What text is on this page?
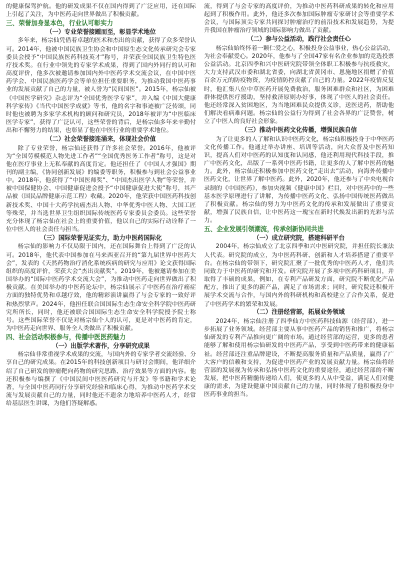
的健康保驾护航。他的研发成果不仅在国内得到了广泛应用，还在国际上引起了关注，为中医药走向世界做出了积极贡献。

三、荣誉加身显本色，行业认可彰实力
（一）专业荣誉接踵而至，彰显学术地位

多年来，杨宗仙凭借着卓越的医术和杰出的贡献，获得了众多荣誉认可。2014年，他被中国民族卫生协会和中国原生态文化传承研究会专家委员会授予“中国民族医药科技英才”称号，并荣获全国民族卫生特色医疗技术奖。在行业中领先的专家学术成果，得到了国内外同行的认可和高度评价，他多次被邀请参加国内外中医药学术交流会议，在中国中医药学会、中国民族医药学会等单位担任重要职务，为推动我国中医药事业的发展贡献了自己的力量，被人誉为“民间国医”。2015年，杨宗仙被《中国医学研究》杂志评为“全国优秀医学专家”，并入编《中国大健康科学家传》《当代中国医学成就》等书，他的名字和事迹被广泛传颂，同时他也被聘为多家学术机构的顾问和研究员，2018年被评为“中医临床医学专家”，获得了广泛认可，这些荣誉的背后，是杨宗仙多年来辛勤付出和不懈努力的结果，也彰显了他在中医行业的重要学术地位。

（二）社会荣誉接连涌来，体现社会价值

除了专业荣誉，杨宗仙还获得了许多社会荣誉。2016年，他被评为“全国劳模模范人物先进工作者”“全国优秀医务工作者”称号，这是对他在医疗事业上无私奉献的高度肯定。他还担任了《中国人才强国》期刊的副主编，《协同创新发展》的编委等职务，积极参与到社会公益事业中。2018年，他获得了“中国医师奖”、“中国杰出医学人物”等荣誉，并被中国保健协会、中国健康促进会授予“中国健康促进大使”称号，其产品被（国民品牌健康示范工程）收藏。2020年，他荣获中国医药科技创新技术奖、中国十大药学抗癌杰出人物、中华优秀中医人物、大国工匠等殊荣，并当选世界卫生组织国际传统医药专家委员会委员。这些荣誉充分体现了杨宗仙在社会上的重要价值，他以自己的实际行动诠释了一位中医人的社会责任与担当。

（三）国际荣誉见证实力，助力中医药国际化

杨宗仙的影响力不仅局限于国内，还在国际舞台上得到了广泛的认可。2018年，他代表中国参加在马来西亚召开的“第九届世界中医药大会”，发表的《天然药物治疗消化系统疾病的研究与应用》论文获得国际组织的高度评价，荣获大会“杰出贡献奖”。2019年，他被邀请参加在美国举办的“国际中医药学术交流大会”，为推动中医药走向世界做出了积极贡献。在美国举办的中医药论坛中，杨宗仙展示了中医药在治疗癌症方面的独特优势和卓越疗效，他的精彩演讲赢得了与会专家的一致好评和热烈掌声。2024年，他担任联合国国际生态生命安全科学院中医药研究所所长，同时，他还被联合国国际生态生命安全科学院授予院士称号。这些国际荣誉不仅是对杨宗仙个人的认可，更是对中医药的肯定，为中医药走向世界、服务全人类做出了积极贡献。

四、社会活动积极参与，传播中医医药魅力
（一）出版学术著作，分享研究成果

杨宗仙非常重视学术成果的交流，与国内外的专家学者交流经验、分享自己的研究成果。在2015年的科技创新项目与研讨会期间，他详细介绍了自己研发的肿瘤靶向药物的研究思路、治疗效果等方面的内容。他还积极参与编撰了《中国民间中医医药研究与开发》等书籍和学术论著，与全国中医药同行分享研究经验和临床心得，为推动中医药学术交流与发展贡献自己的力量，同时他还不遗余力地培养中医药人才，经常给基层医生讲课，为他们答疑解惑。

流，得到了与会专家的高度评价，为推动中医药科研成果的转化和应用起到了积极作用。此外，他还多次参加国际肿瘤专家研讨会等重要学术会议，与国际顶尖专家共同探讨肿瘤治疗的前沿技术和发展趋势，为提升我国在肿瘤治疗领域的国际影响力做出了贡献。

（二）参与公益活动，践行社会责任心

杨宗仙始终怀着一颗仁爱之心，积极投身公益事业，热心公益活动，为社会奉献爱心。2020年，他参与了全国47家有名企业参加的竞选投票公益活动。北京四季和兴中医研究院带领全体职工积极参与抗疫救灾，大力支持武汉市委和湖北省委，向湖北省黄冈市、恩施地区捐赠了价值百余万元的防疫物资，为疫情防控贡献了自己的力量。2022年疫情反复时，他汇集八位中草医药开展免费救治，服务困难群众和社区，为困难群体提供医疗援助，坚持救济原则办好事，体现了中医人的社会责任。他还经常深入贫困地区，为当地困难民众提供义诊，送医送药，帮助他们解决看病难问题。杨宗仙的公益行为得到了社会各界的广泛赞誉，树立了中医人的良好社会形象。

（三）推动中医药文化传播，增强民族自信

为了让更多的人了解和认识中医药文化，杨宗仙积极投身于中华医药文化传播工作。他通过举办讲座、培训等活动，向大众普及中医药知识，提高人们对中医药的认知度和认同感，他还利用现代科技手段，推广中医药文化，出版了一系列中医药书籍，让更多的人了解中医药的魅力。此外，杨宗仙还积极参加中医药文化“走出去”活动，向海外传播中医药文化，让世界了解中医药。此外，2020年，他还参与了中央电视台录制的《中国医药》，参加央视频《健康中国》栏目，对中医药中的一些基本医学原理进行了讲解，为传播中医药文化、弘扬中国传统医药做出了积极贡献。杨宗仙的努力为中医药文化的传承和发展做出了重要贡献，增强了民族自信，让中医药这一瑰宝在新时代焕发出新的光彩与活力。

五、企业发展引领潮流，传承创新协同共进
（一）成立研究院，搭建科研平台

2004年，杨宗仙成立了北京四季和兴中医研究院，并担任院长兼法人代表。研究院的成立，为中医药科研、创新和人才培养搭建了重要平台。在杨宗仙的带领下，研究院汇聚了一批优秀的中医药人才，他们共同致力于中医药的研究和开发。研究院开展了多项中医药科研项目，并取得了丰硕的成果，例如，在专利产品研发方面，研究院不断优化产品配方，推出了更多的新产品，满足了市场需求；同时，研究院还积极开展学术交流与合作，与国内外的科研机构和高校建立了合作关系，促进了中医药学术的繁荣和发展。

（二）注册经营部，拓展业务领域

2024年，杨宗仙注册了四季仙方中医药科技仙源（经营部），进一步拓展了业务领域。经营部主要从事中医药产品的销售和推广，将杨宗仙研发的专利产品推向更广阔的市场。通过经营部的运营，更多的患者能够了解和使用杨宗仙研发的中医药产品，享受到中医药带来的健康福祉。经营部还注重品牌建设，不断提高服务质量和产品质量，赢得了广大客户的信赖和支持，为促进中医药产业的发展贡献力量。杨宗仙将经营部的发展视为传承和弘扬中医药文化的重要途径，通过经营部的不断发展，把中医药精髓传递给人们，使更多的人从中受益，满足人们对健康的需求，为建设健康中国贡献自己的力量，同时体现了他积极投身中医药事业的担当。
